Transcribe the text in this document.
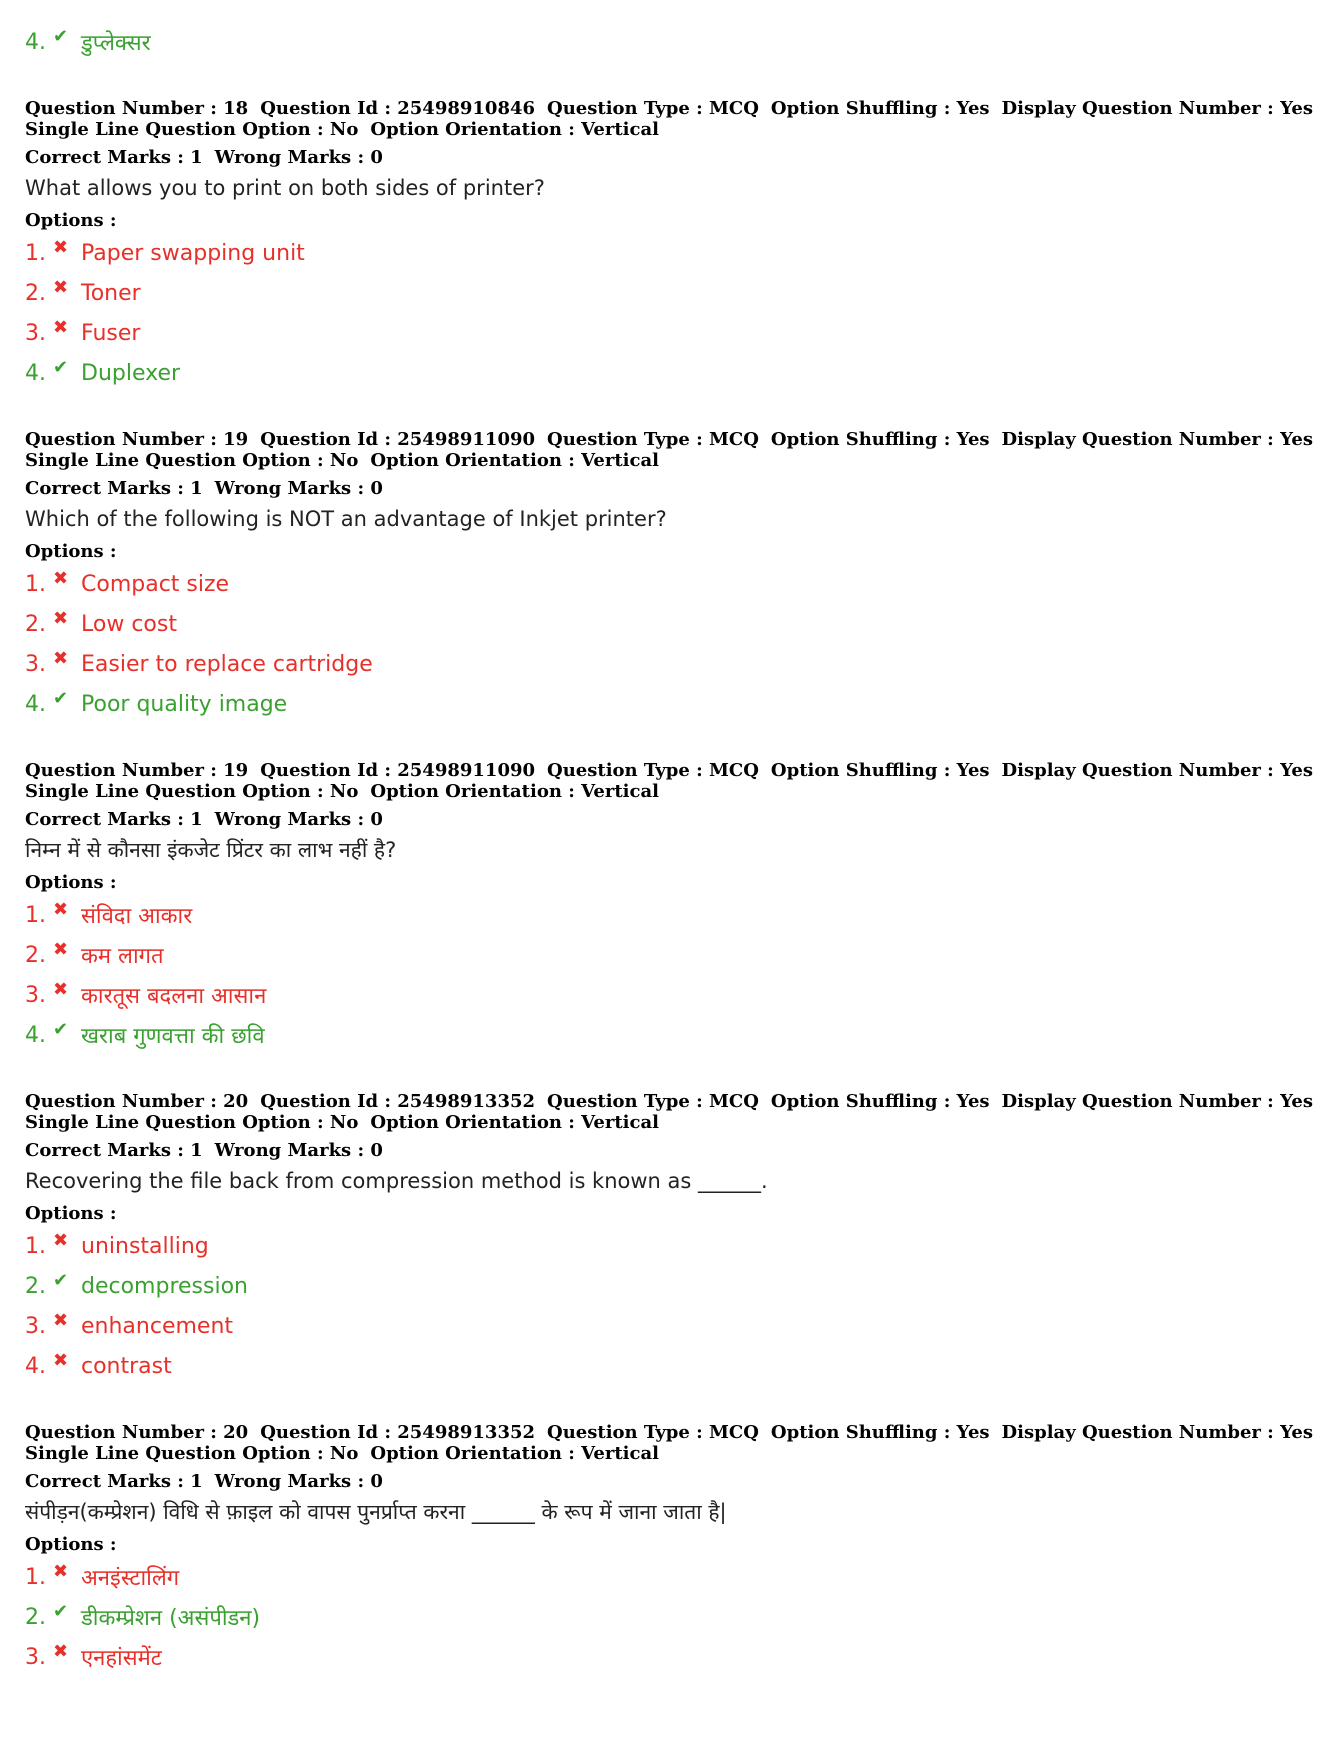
4. ✔ डुप्लेक्सर
Question Number : 18 Question Id : 25498910846 Question Type : MCQ Option Shuffling : Yes Display Question Number : Yes
Single Line Question Option : No Option Orientation : Vertical
Correct Marks : 1 Wrong Marks : 0
What allows you to print on both sides of printer?
Options :
1. ✖ Paper swapping unit
2. ✖ Toner
3. ✖ Fuser
4. ✔ Duplexer
Question Number : 19 Question Id : 25498911090 Question Type : MCQ Option Shuffling : Yes Display Question Number : Yes
Single Line Question Option : No Option Orientation : Vertical
Correct Marks : 1 Wrong Marks : 0
Which of the following is NOT an advantage of Inkjet printer?
Options :
1. ✖ Compact size
2. ✖ Low cost
3. ✖ Easier to replace cartridge
4. ✔ Poor quality image
Question Number : 19 Question Id : 25498911090 Question Type : MCQ Option Shuffling : Yes Display Question Number : Yes
Single Line Question Option : No Option Orientation : Vertical
Correct Marks : 1 Wrong Marks : 0
निम्न में से कौनसा इंकजेट प्रिंटर का लाभ नहीं है?
Options :
1. ✖ संविदा आकार
2. ✖ कम लागत
3. ✖ कारतूस बदलना आसान
4. ✔ खराब गुणवत्ता की छवि
Question Number : 20 Question Id : 25498913352 Question Type : MCQ Option Shuffling : Yes Display Question Number : Yes
Single Line Question Option : No Option Orientation : Vertical
Correct Marks : 1 Wrong Marks : 0
Recovering the file back from compression method is known as ______.
Options :
1. ✖ uninstalling
2. ✔ decompression
3. ✖ enhancement
4. ✖ contrast
Question Number : 20 Question Id : 25498913352 Question Type : MCQ Option Shuffling : Yes Display Question Number : Yes
Single Line Question Option : No Option Orientation : Vertical
Correct Marks : 1 Wrong Marks : 0
संपीड़न(कम्प्रेशन) विधि से फ़ाइल को वापस पुनर्प्राप्त करना ______ के रूप में जाना जाता है|
Options :
1. ✖ अनइंस्टालिंग
2. ✔ डीकम्प्रेशन (असंपीडन)
3. ✖ एनहांसमेंट
